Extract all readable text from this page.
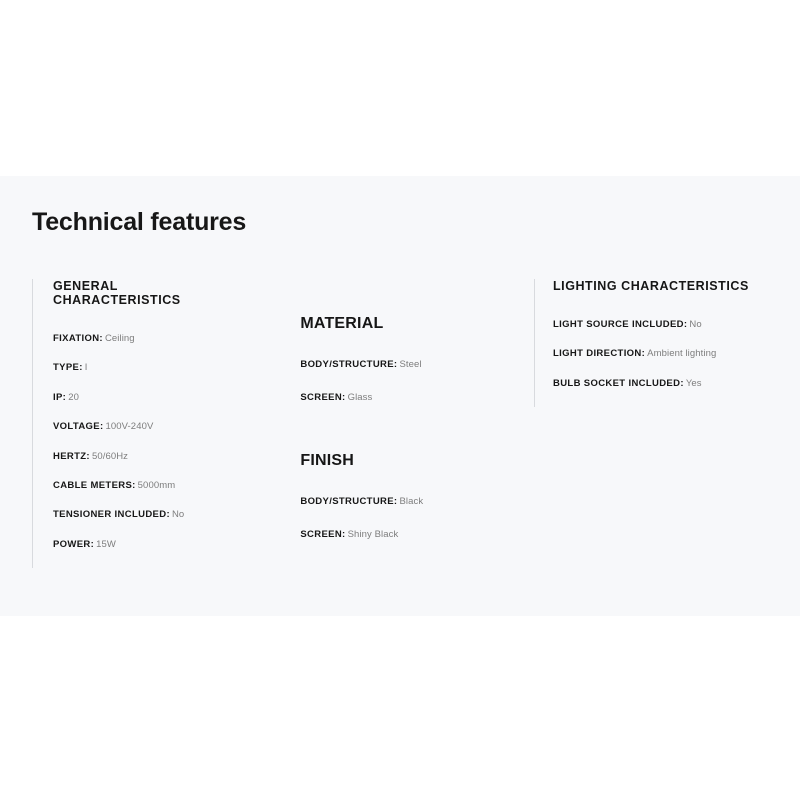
Technical features
GENERAL CHARACTERISTICS
FIXATION: Ceiling
TYPE: I
IP: 20
VOLTAGE: 100V-240V
HERTZ: 50/60Hz
CABLE METERS: 5000mm
TENSIONER INCLUDED: No
POWER: 15W
MATERIAL
BODY/STRUCTURE: Steel
SCREEN: Glass
FINISH
BODY/STRUCTURE: Black
SCREEN: Shiny Black
LIGHTING CHARACTERISTICS
LIGHT SOURCE INCLUDED: No
LIGHT DIRECTION: Ambient lighting
BULB SOCKET INCLUDED: Yes
